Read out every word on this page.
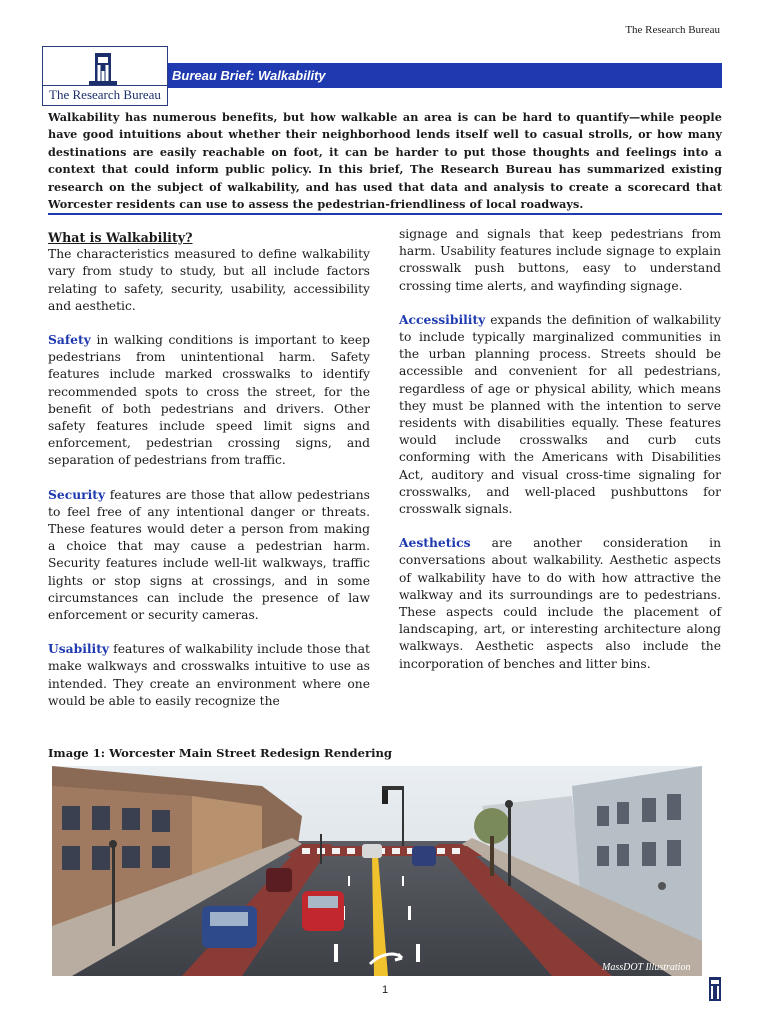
The Research Bureau
The Research Bureau
Bureau Brief: Walkability
Walkability has numerous benefits, but how walkable an area is can be hard to quantify—while people have good intuitions about whether their neighborhood lends itself well to casual strolls, or how many destinations are easily reachable on foot, it can be harder to put those thoughts and feelings into a context that could inform public policy. In this brief, The Research Bureau has summarized existing research on the subject of walkability, and has used that data and analysis to create a scorecard that Worcester residents can use to assess the pedestrian-friendliness of local roadways.
What is Walkability?

The characteristics measured to define walkability vary from study to study, but all include factors relating to safety, security, usability, accessibility and aesthetic.

Safety in walking conditions is important to keep pedestrians from unintentional harm. Safety features include marked crosswalks to identify recommended spots to cross the street, for the benefit of both pedestrians and drivers. Other safety features include speed limit signs and enforcement, pedestrian crossing signs, and separation of pedestrians from traffic.

Security features are those that allow pedestrians to feel free of any intentional danger or threats. These features would deter a person from making a choice that may cause a pedestrian harm. Security features include well-lit walkways, traffic lights or stop signs at crossings, and in some circumstances can include the presence of law enforcement or security cameras.

Usability features of walkability include those that make walkways and crosswalks intuitive to use as intended. They create an environment where one would be able to easily recognize the

signage and signals that keep pedestrians from harm. Usability features include signage to explain crosswalk push buttons, easy to understand crossing time alerts, and wayfinding signage.

Accessibility expands the definition of walkability to include typically marginalized communities in the urban planning process. Streets should be accessible and convenient for all pedestrians, regardless of age or physical ability, which means they must be planned with the intention to serve residents with disabilities equally. These features would include crosswalks and curb cuts conforming with the Americans with Disabilities Act, auditory and visual cross-time signaling for crosswalks, and well-placed pushbuttons for crosswalk signals.

Aesthetics are another consideration in conversations about walkability. Aesthetic aspects of walkability have to do with how attractive the walkway and its surroundings are to pedestrians. These aspects could include the placement of landscaping, art, or interesting architecture along walkways. Aesthetic aspects also include the incorporation of benches and litter bins.

Image 1: Worcester Main Street Redesign Rendering
MassDOT Illustration
1
